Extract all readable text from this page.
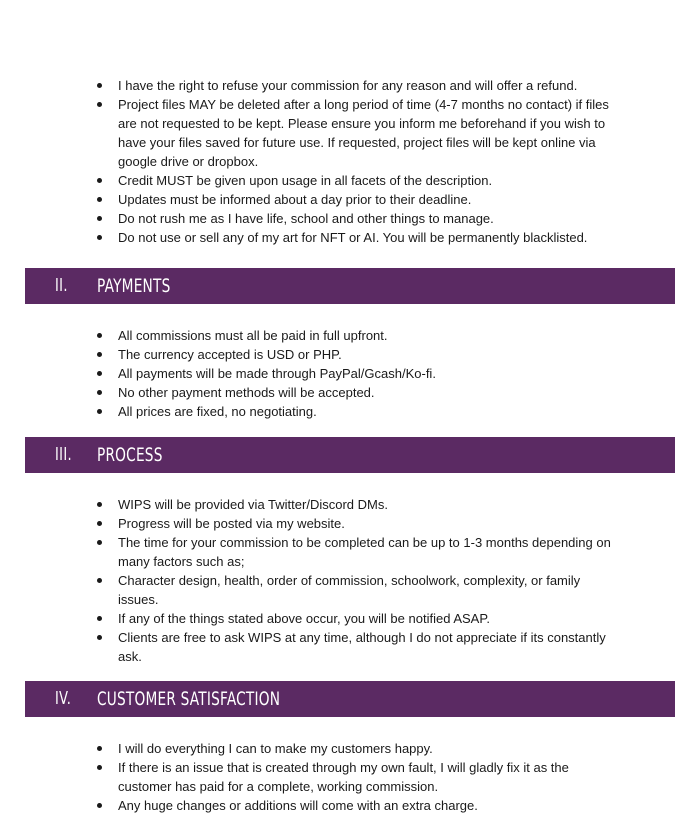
I have the right to refuse your commission for any reason and will offer a refund.
Project files MAY be deleted after a long period of time (4-7 months no contact) if files are not requested to be kept. Please ensure you inform me beforehand if you wish to have your files saved for future use. If requested, project files will be kept online via google drive or dropbox.
Credit MUST be given upon usage in all facets of the description.
Updates must be informed about a day prior to their deadline.
Do not rush me as I have life, school and other things to manage.
Do not use or sell any of my art for NFT or AI. You will be permanently blacklisted.
II. PAYMENTS
All commissions must all be paid in full upfront.
The currency accepted is USD or PHP.
All payments will be made through PayPal/Gcash/Ko-fi.
No other payment methods will be accepted.
All prices are fixed, no negotiating.
III. PROCESS
WIPS will be provided via Twitter/Discord DMs.
Progress will be posted via my website.
The time for your commission to be completed can be up to 1-3 months depending on many factors such as;
Character design, health, order of commission, schoolwork, complexity, or family issues.
If any of the things stated above occur, you will be notified ASAP.
Clients are free to ask WIPS at any time, although I do not appreciate if its constantly ask.
IV. CUSTOMER SATISFACTION
I will do everything I can to make my customers happy.
If there is an issue that is created through my own fault, I will gladly fix it as the customer has paid for a complete, working commission.
Any huge changes or additions will come with an extra charge.
